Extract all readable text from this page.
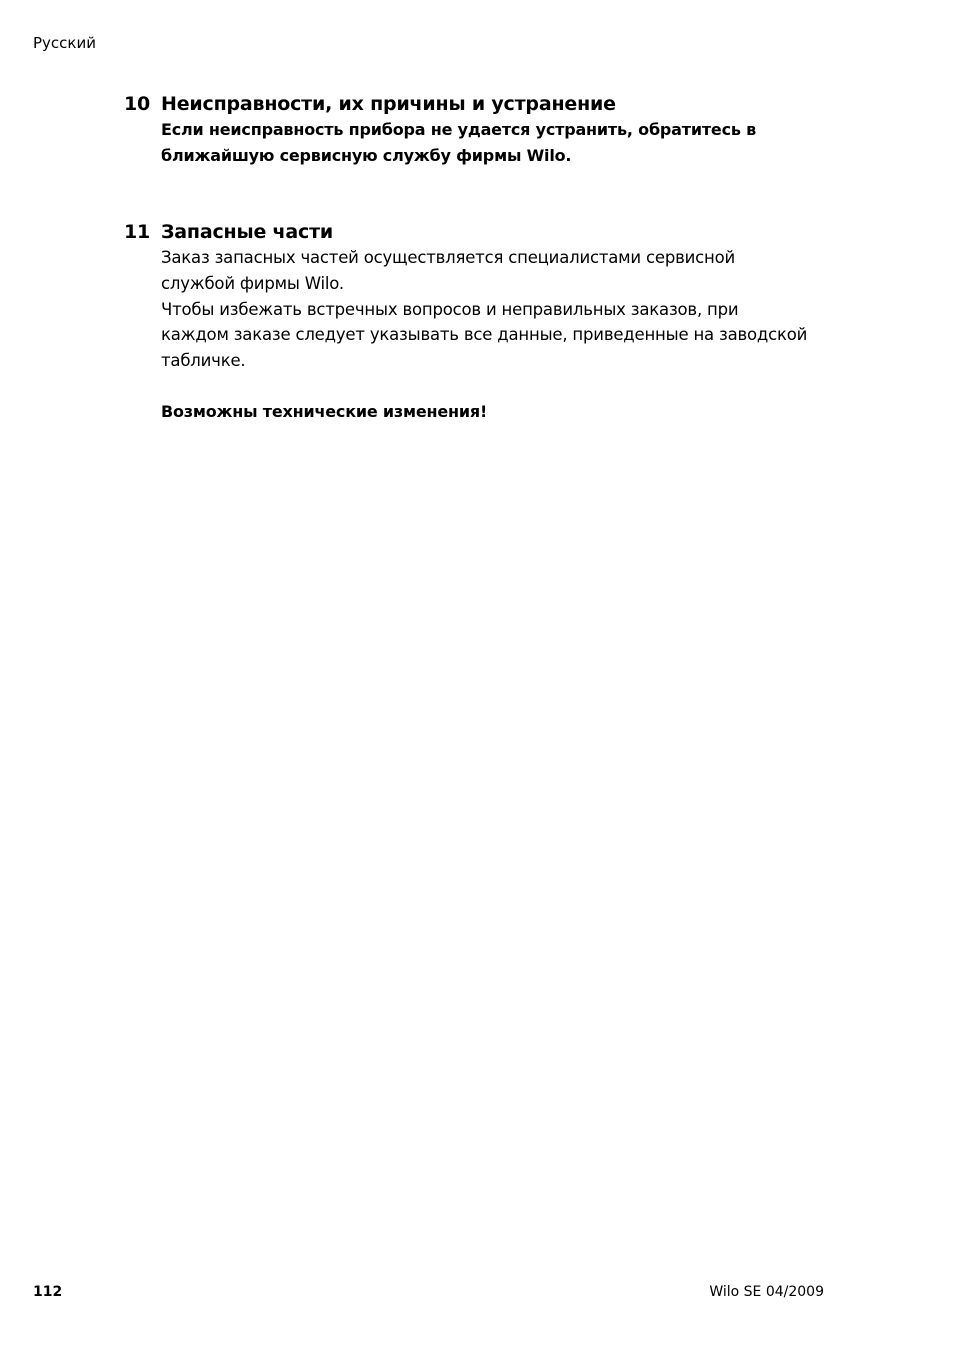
Русский
10 Неисправности, их причины и устранение

Если неисправность прибора не удается устранить, обратитесь в

ближайшую сервисную службу фирмы Wilo.

11 Запасные части

Заказ запасных частей осуществляется специалистами сервисной

службой фирмы Wilo.

Чтобы избежать встречных вопросов и неправильных заказов, при

каждом заказе следует указывать все данные, приведенные на заводской

табличке.

Возможны технические изменения!
112	Wilo SE 04/2009
